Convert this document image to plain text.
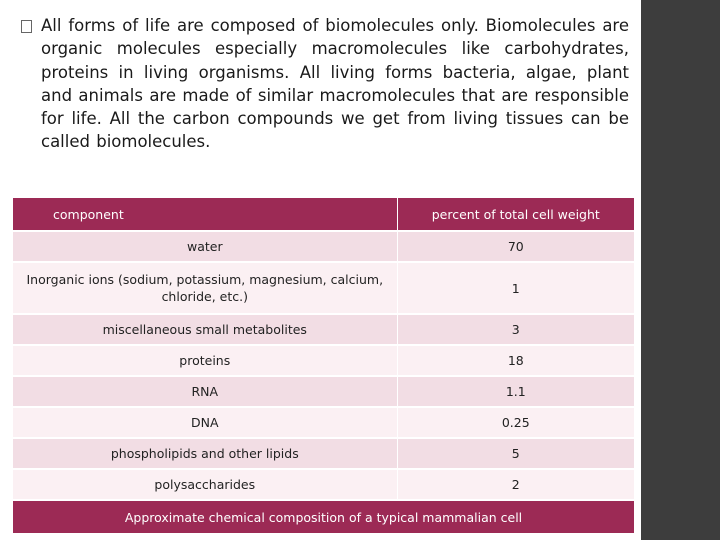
All forms of life are composed of biomolecules only. Biomolecules are organic molecules especially macromolecules like carbohydrates, proteins in living organisms. All living forms bacteria, algae, plant and animals are made of similar macromolecules that are responsible for life. All the carbon compounds we get from living tissues can be called biomolecules.
component	percent of total cell weight
water	70
Inorganic ions (sodium, potassium, magnesium, calcium, chloride, etc.)	1
miscellaneous small metabolites	3
proteins	18
RNA	1.1
DNA	0.25
phospholipids and other lipids	5
polysaccharides	2
Approximate chemical composition of a typical mammalian cell	
